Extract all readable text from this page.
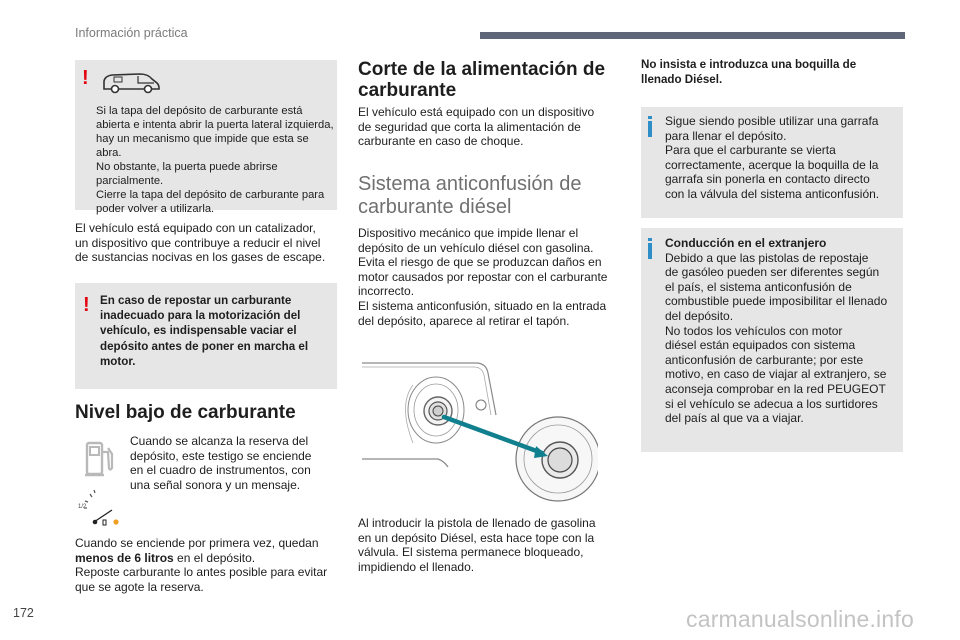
Información práctica
!
Si la tapa del depósito de carburante está
abierta e intenta abrir la puerta lateral izquierda,
hay un mecanismo que impide que esta se abra.
No obstante, la puerta puede abrirse
parcialmente.
Cierre la tapa del depósito de carburante para
poder volver a utilizarla.
El vehículo está equipado con un catalizador,
un dispositivo que contribuye a reducir el nivel
de sustancias nocivas en los gases de escape.
! En caso de repostar un carburante
inadecuado para la motorización del
vehículo, es indispensable vaciar el
depósito antes de poner en marcha el
motor.
Nivel bajo de carburante
Cuando se alcanza la reserva del
depósito, este testigo se enciende
en el cuadro de instrumentos, con
una señal sonora y un mensaje.
1/2
Cuando se enciende por primera vez, quedan
menos de 6 litros en el depósito.
Reposte carburante lo antes posible para evitar
que se agote la reserva.
Corte de la alimentación de
carburante
El vehículo está equipado con un dispositivo
de seguridad que corta la alimentación de
carburante en caso de choque.
Sistema anticonfusión de
carburante diésel
Dispositivo mecánico que impide llenar el
depósito de un vehículo diésel con gasolina.
Evita el riesgo de que se produzcan daños en
motor causados por repostar con el carburante
incorrecto.
El sistema anticonfusión, situado en la entrada
del depósito, aparece al retirar el tapón.
Al introducir la pistola de llenado de gasolina
en un depósito Diésel, esta hace tope con la
válvula. El sistema permanece bloqueado,
impidiendo el llenado.
No insista e introduzca una boquilla de
llenado Diésel.
Sigue siendo posible utilizar una garrafa
para llenar el depósito.
Para que el carburante se vierta
correctamente, acerque la boquilla de la
garrafa sin ponerla en contacto directo
con la válvula del sistema anticonfusión.
Conducción en el extranjero
Debido a que las pistolas de repostaje
de gasóleo pueden ser diferentes según
el país, el sistema anticonfusión de
combustible puede imposibilitar el llenado
del depósito.
No todos los vehículos con motor
diésel están equipados con sistema
anticonfusión de carburante; por este
motivo, en caso de viajar al extranjero, se
aconseja comprobar en la red PEUGEOT
si el vehículo se adecua a los surtidores
del país al que va a viajar.
172	carmanualsonline.info
